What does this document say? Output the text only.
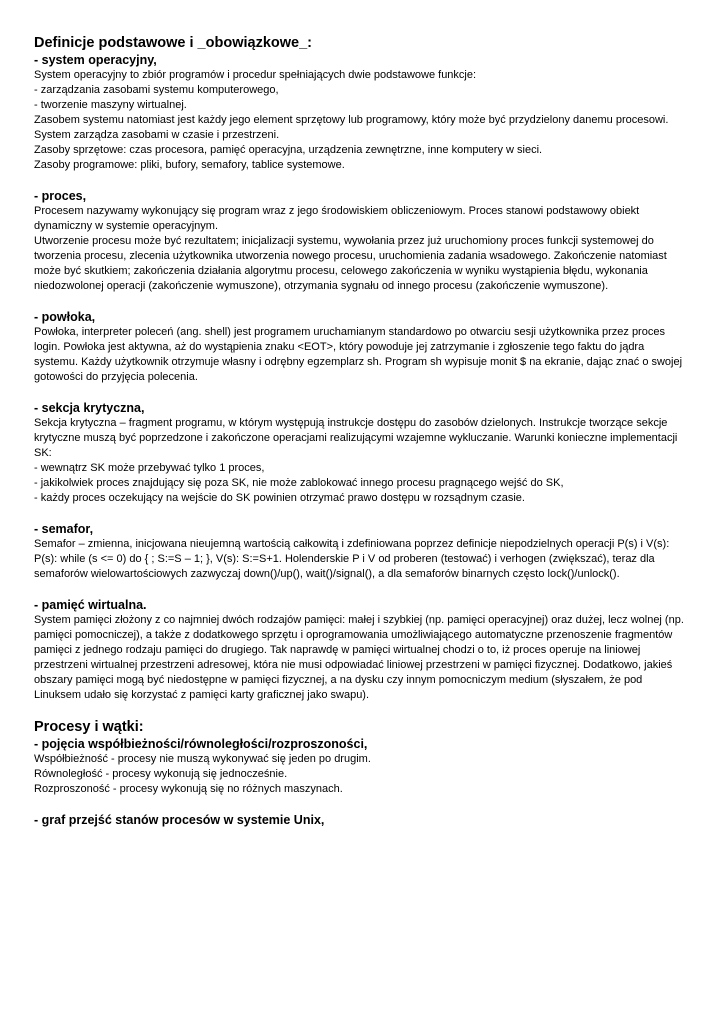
Definicje podstawowe i _obowiązkowe_:

- system operacyjny,

System operacyjny to zbiór programów i procedur spełniających dwie podstawowe funkcje:

- zarządzania zasobami systemu komputerowego,

- tworzenie maszyny wirtualnej.

Zasobem systemu natomiast jest każdy jego element sprzętowy lub programowy, który może być przydzielony danemu procesowi. System zarządza zasobami w czasie i przestrzeni.

Zasoby sprzętowe: czas procesora, pamięć operacyjna, urządzenia zewnętrzne, inne komputery w sieci.

Zasoby programowe: pliki, bufory, semafory, tablice systemowe.

- proces,

Procesem nazywamy wykonujący się program wraz z jego środowiskiem obliczeniowym. Proces stanowi podstawowy obiekt dynamiczny w systemie operacyjnym.

Utworzenie procesu może być rezultatem; inicjalizacji systemu, wywołania przez już uruchomiony proces funkcji systemowej do tworzenia procesu, zlecenia użytkownika utworzenia nowego procesu, uruchomienia zadania wsadowego. Zakończenie natomiast może być skutkiem; zakończenia działania algorytmu procesu, celowego zakończenia w wyniku wystąpienia błędu, wykonania niedozwolonej operacji (zakończenie wymuszone), otrzymania sygnału od innego procesu (zakończenie wymuszone).

- powłoka,

Powłoka, interpreter poleceń (ang. shell) jest programem uruchamianym standardowo po otwarciu sesji użytkownika przez proces login. Powłoka jest aktywna, aż do wystąpienia znaku <EOT>, który powoduje jej zatrzymanie i zgłoszenie tego faktu do jądra systemu. Każdy użytkownik otrzymuje własny i odrębny egzemplarz sh. Program sh wypisuje monit $ na ekranie, dając znać o swojej gotowości do przyjęcia polecenia.

- sekcja krytyczna,

Sekcja krytyczna – fragment programu, w którym występują instrukcje dostępu do zasobów dzielonych. Instrukcje tworzące sekcje krytyczne muszą być poprzedzone i zakończone operacjami realizującymi wzajemne wykluczanie. Warunki konieczne implementacji SK:

- wewnątrz SK może przebywać tylko 1 proces,

- jakikolwiek proces znajdujący się poza SK, nie może zablokować innego procesu pragnącego wejść do SK,

- każdy proces oczekujący na wejście do SK powinien otrzymać prawo dostępu w rozsądnym czasie.

- semafor,

Semafor – zmienna, inicjowana nieujemną wartością całkowitą i zdefiniowana poprzez definicje niepodzielnych operacji P(s) i V(s): P(s): while (s <= 0) do { ; S:=S – 1; }, V(s): S:=S+1. Holenderskie P i V od proberen (testować) i verhogen (zwiększać), teraz dla semaforów wielowartościowych zazwyczaj down()/up(), wait()/signal(), a dla semaforów binarnych często lock()/unlock().

- pamięć wirtualna.

System pamięci złożony z co najmniej dwóch rodzajów pamięci: małej i szybkiej (np. pamięci operacyjnej) oraz dużej, lecz wolnej (np. pamięci pomocniczej), a także z dodatkowego sprzętu i oprogramowania umożliwiającego automatyczne przenoszenie fragmentów pamięci z jednego rodzaju pamięci do drugiego. Tak naprawdę w pamięci wirtualnej chodzi o to, iż proces operuje na liniowej przestrzeni wirtualnej przestrzeni adresowej, która nie musi odpowiadać liniowej przestrzeni w pamięci fizycznej. Dodatkowo, jakieś obszary pamięci mogą być niedostępne w pamięci fizycznej, a na dysku czy innym pomocniczym medium (słyszałem, że pod Linuksem udało się korzystać z pamięci karty graficznej jako swapu).

Procesy i wątki:

- pojęcia współbieżności/równoległości/rozproszoności,

Współbieżność - procesy nie muszą wykonywać się jeden po drugim.

Równoległość - procesy wykonują się jednocześnie.

Rozproszoność - procesy wykonują się no różnych maszynach.

- graf przejść stanów procesów w systemie Unix,
